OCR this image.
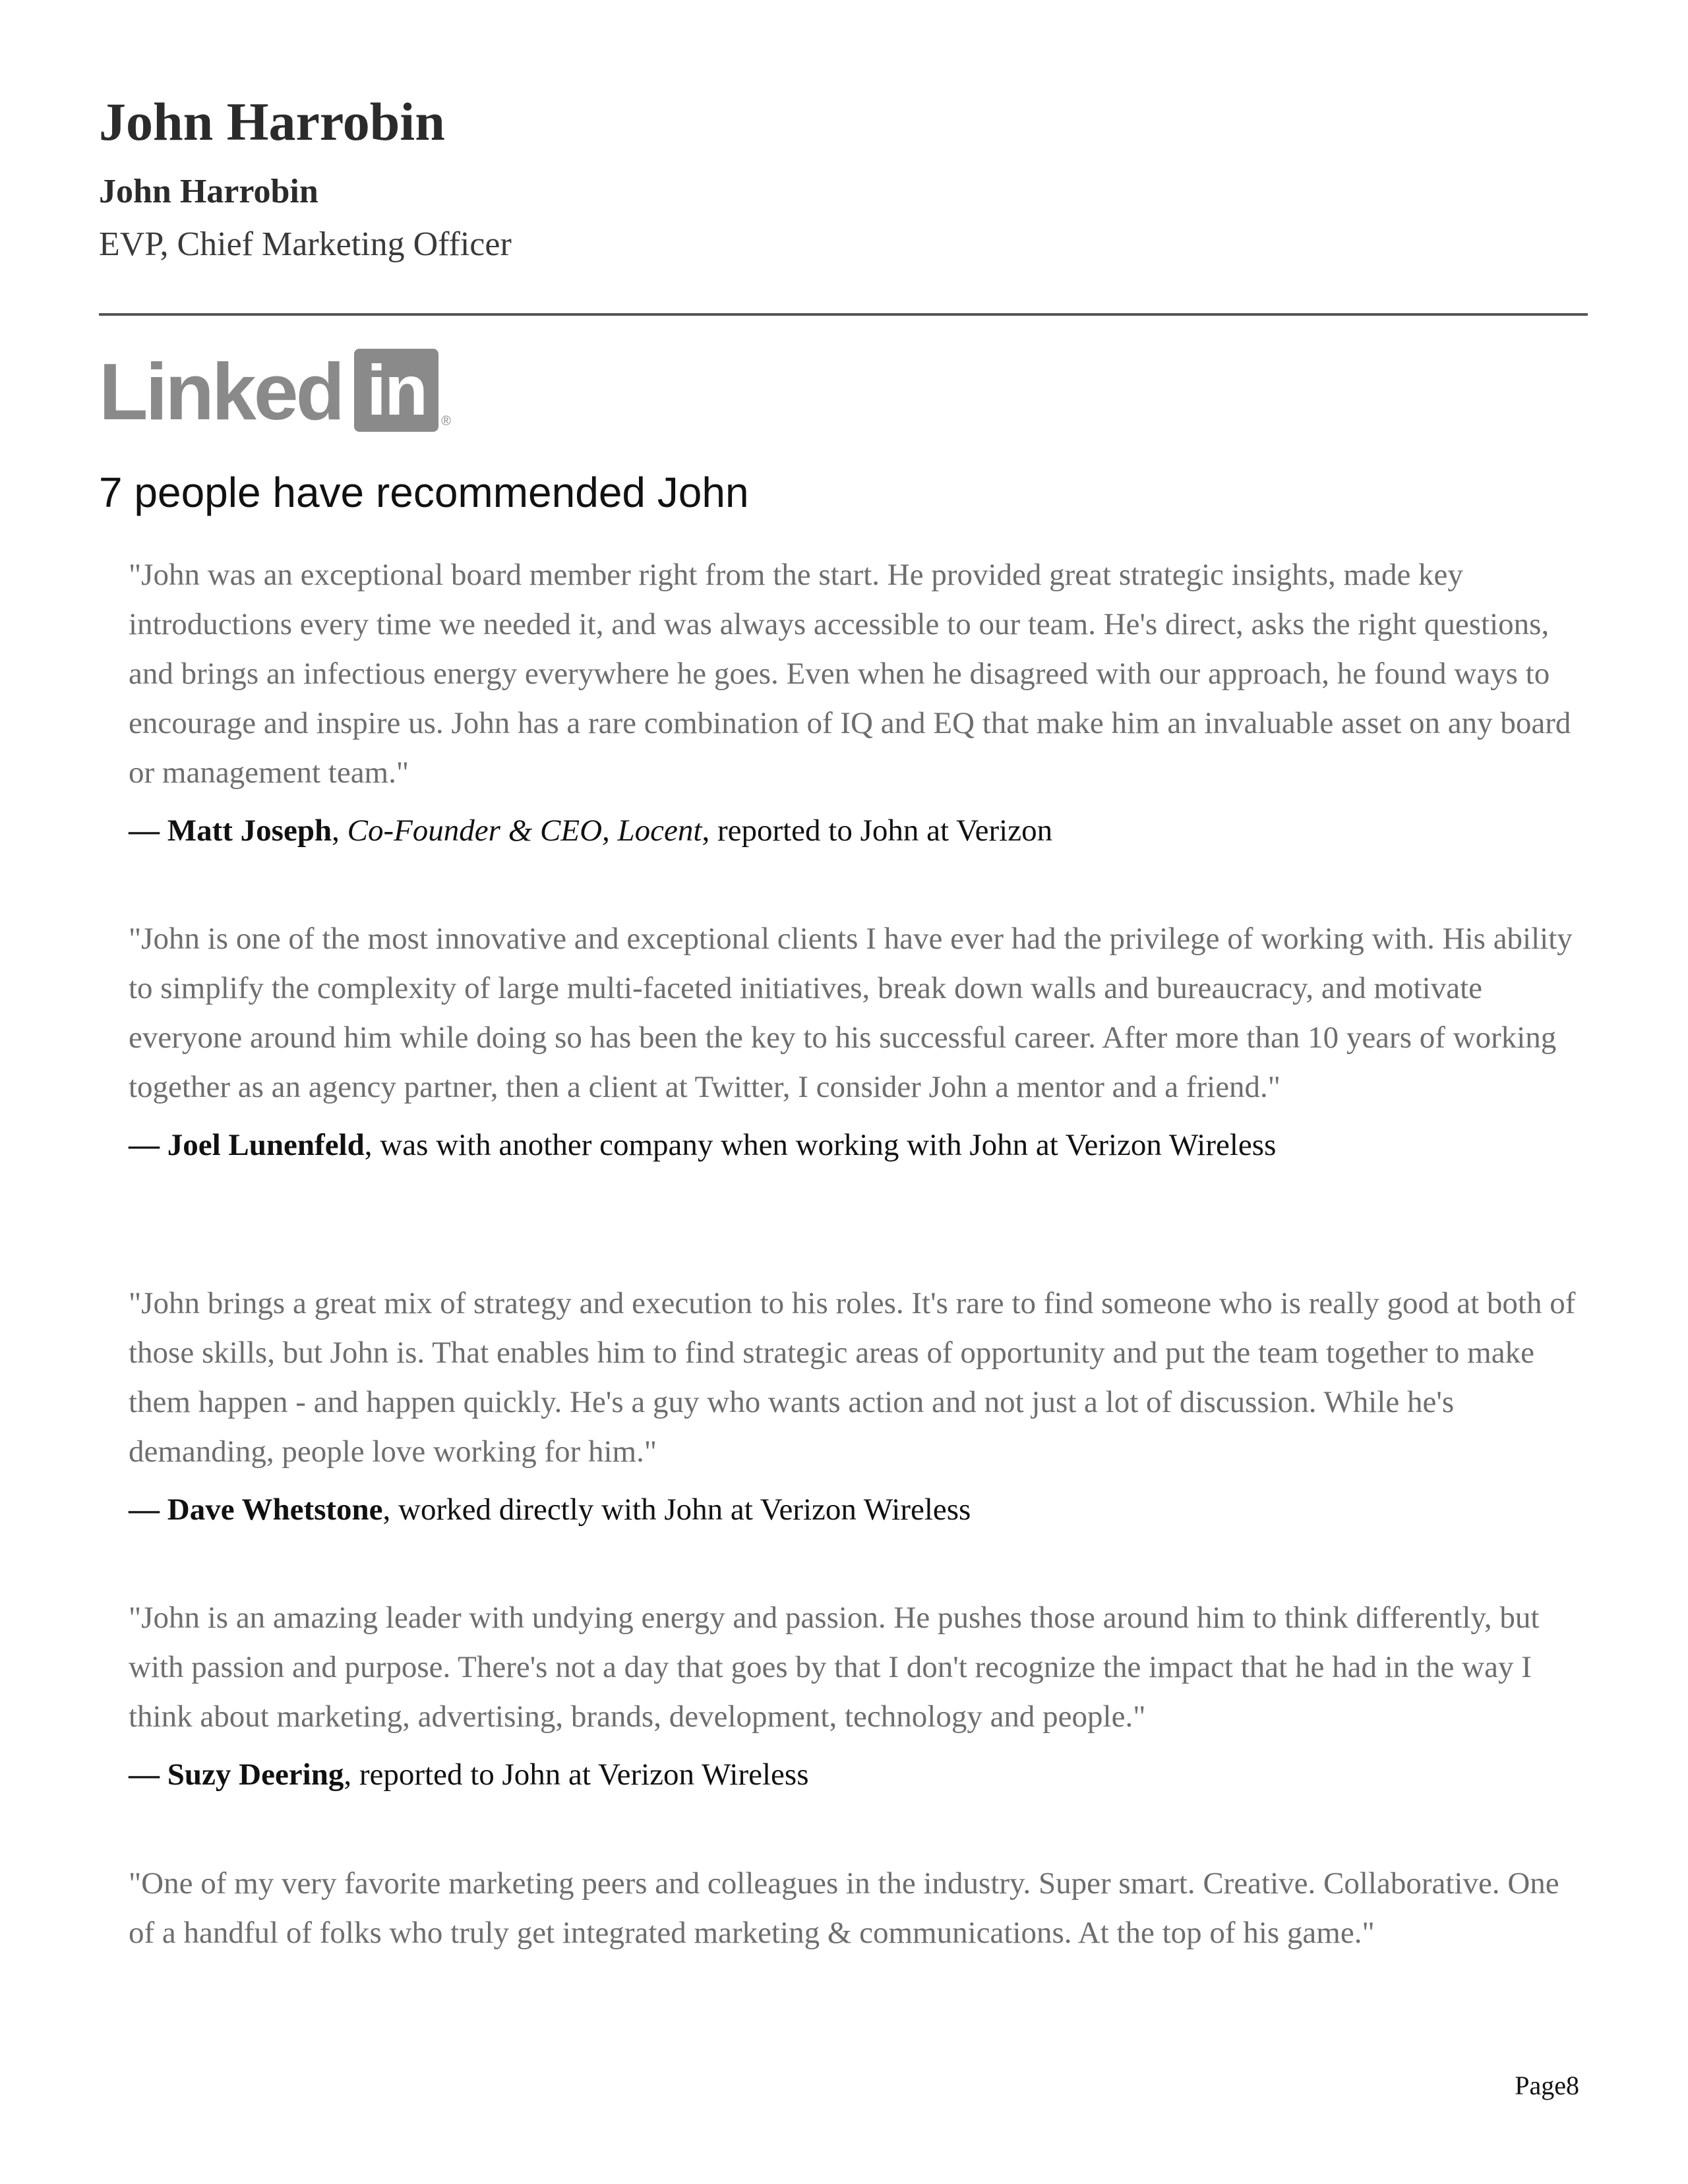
John Harrobin
John Harrobin
EVP, Chief Marketing Officer
Linked in ®
7 people have recommended John

"John was an exceptional board member right from the start. He provided great strategic insights, made key introductions every time we needed it, and was always accessible to our team. He's direct, asks the right questions, and brings an infectious energy everywhere he goes. Even when he disagreed with our approach, he found ways to encourage and inspire us. John has a rare combination of IQ and EQ that make him an invaluable asset on any board or management team."

— Matt Joseph, Co-Founder & CEO, Locent, reported to John at Verizon

"John is one of the most innovative and exceptional clients I have ever had the privilege of working with. His ability to simplify the complexity of large multi-faceted initiatives, break down walls and bureaucracy, and motivate everyone around him while doing so has been the key to his successful career. After more than 10 years of working together as an agency partner, then a client at Twitter, I consider John a mentor and a friend."

— Joel Lunenfeld, was with another company when working with John at Verizon Wireless

"John brings a great mix of strategy and execution to his roles. It's rare to find someone who is really good at both of those skills, but John is. That enables him to find strategic areas of opportunity and put the team together to make them happen - and happen quickly. He's a guy who wants action and not just a lot of discussion. While he's demanding, people love working for him."

— Dave Whetstone, worked directly with John at Verizon Wireless

"John is an amazing leader with undying energy and passion. He pushes those around him to think differently, but with passion and purpose. There's not a day that goes by that I don't recognize the impact that he had in the way I think about marketing, advertising, brands, development, technology and people."

— Suzy Deering, reported to John at Verizon Wireless

"One of my very favorite marketing peers and colleagues in the industry. Super smart. Creative. Collaborative. One of a handful of folks who truly get integrated marketing & communications. At the top of his game."

Page8
